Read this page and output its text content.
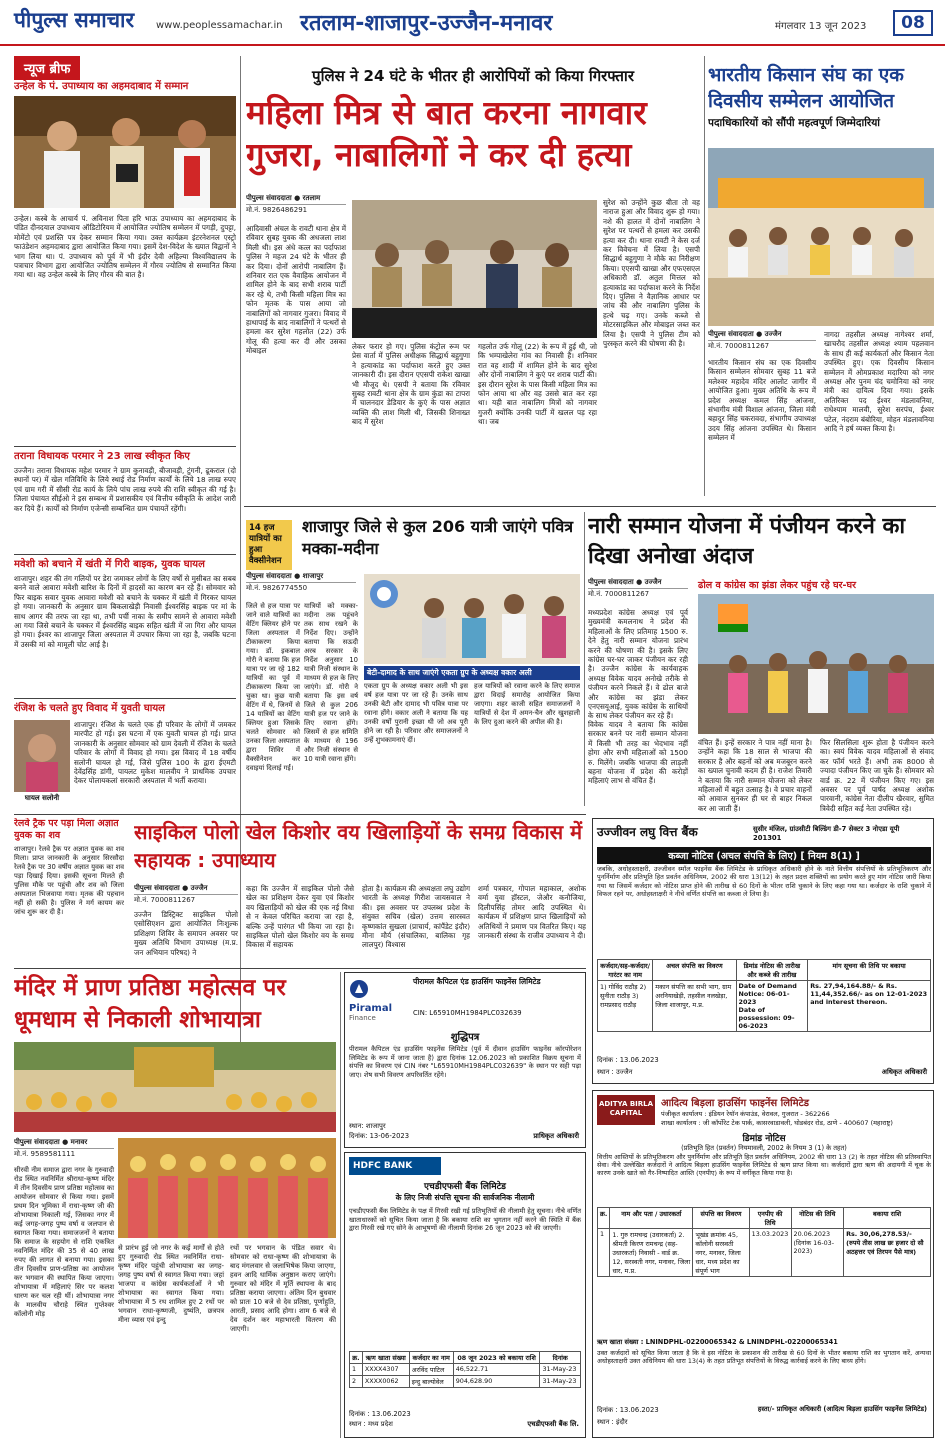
पीपुल्स समाचार www.peoplessamachar.in रतलाम-शाजापुर-उज्जैन-मनावर	मंगलवार 13 जून 2023	08
न्यूज ब्रीफ
उन्हेल के पं. उपाध्याय का अहमदाबाद में सम्मान
उन्हेल। कस्बे के आचार्य पं. अविनाश पिता हरि भाऊ उपाध्याय का अहमदाबाद के पंडित दीनदयाल उपाध्याय ऑडिटोरियम में आयोजित ज्योतिष सम्मेलन में पगड़ी, दुपट्टा, मोमेंटो एवं प्रशस्ति पत्र देकर सम्मान किया गया। उक्त कार्यक्रम इंटरनेशनल एस्ट्रो फाउंडेशन अहमदाबाद द्वारा आयोजित किया गया। इसमें देश-विदेश के ख्यात विद्वानों ने भाग लिया था। पं. उपाध्याय को पूर्व में भी इंदौर देवी अहिल्या विश्वविद्यालय के पत्राचार विभाग द्वारा आयोजित ज्योतिष सम्मेलन में गौरव ज्योतिष से सम्मानित किया गया था। वह उन्हेल कस्बे के लिए गौरव की बात है।
तराना विधायक परमार ने 23 लाख स्वीकृत किए
उज्जैन। तराना विधायक महेश परमार ने ग्राम कुनावड़ी, बीजावड़ी, टुंगनी, ढूकराल (दो स्थानों पर) में खेल गतिविधि के लिये स्थाई रोड निर्माण कार्यों के लिये 18 लाख रुपए एवं ग्राम गरी में सीसी रोड कार्य के लिये पांच लाख रुपये की राशि स्वीकृत की गई है। जिला पंचायत सीईओ ने इस सम्बन्ध में प्रशासकीय एवं वित्तीय स्वीकृति के आदेश जारी कर दिये हैं। कार्यों को निर्माण एजेन्सी सम्बन्धित ग्राम पंचायतें रहेंगी।
मवेशी को बचाने में खंती में गिरी बाइक, युवक घायल
शाजापुर। शहर की तंग गलियों पर डेरा जमाकर लोगों के लिए वर्षों से मुसीबत का सबब बनने वाले आवारा मवेशी बारिश के दिनों में हादसों का कारण बन रहे हैं। सोमवार को फिर बाइक सवार युवक आवारा मवेशी को बचाने के चक्कर में खंती में गिरकर घायल हो गया। जानकारी के अनुसार ग्राम बिकलाखेड़ी निवासी ईश्वरसिंह बाइक पर मां के साथ आगर की तरफ जा रहा था, तभी पर्ची नाका के समीप सामने से आवारा मवेशी आ गया जिसे बचाने के चक्कर में ईश्वरसिंह बाइक सहित खंती में जा गिरा और घायल हो गया। ईश्वर का शाजापुर जिला अस्पताल में उपचार किया जा रहा है, जबकि घटना में उसकी मां को मामूली चोट आई है।
रंजिश के चलते हुए विवाद में युवती घायल
घायल सलोनी
शाजापुर। रंजिश के चलते एक ही परिवार के लोगों में जमकर मारपीट हो गई। इस घटना में एक युवती घायल हो गई। प्राप्त जानकारी के अनुसार सोमवार को ग्राम देवली में रंजिश के चलते परिवार के लोगों में विवाद हो गया। इस विवाद में 18 वर्षीय सलोनी घायल हो गई, जिसे पुलिस 100 के द्वारा ईएमटी देवेंद्रसिंह डांगी, पायलट मुकेश मालवीय ने प्राथमिक उपचार देकर पोलायकलां सरकारी अस्पताल में भर्ती कराया।
रेलवे ट्रैक पर पड़ा मिला अज्ञात युवक का शव
शाजापुर। रेलवे ट्रैक पर अज्ञात युवक का शव मिला। प्राप्त जानकारी के अनुसार सिरसौदा रेलवे ट्रैक पर 30 वर्षीय अज्ञात युवक का शव पड़ा दिखाई दिया। इसकी सूचना मिलते ही पुलिस मौके पर पहुंची और शव को जिला अस्पताल भिजवाया गया। मृतक की पहचान नहीं हो सकी है। पुलिस ने मर्ग कायम कर जांच शुरू कर दी है।
पुलिस ने 24 घंटे के भीतर ही आरोपियों को किया गिरफ्तार
महिला मित्र से बात करना नागवार गुजरा, नाबालिगों ने कर दी हत्या
पीपुल्स संवाददाता ● रतलाम
मो.नं. 9826486291
आदिवासी अंचल के रावटी थाना क्षेत्र में रविवार सुबह युवक की अधजला लाश मिली थी। इस अंधे कत्ल का पर्दाफाश पुलिस ने महज 24 घंटे के भीतर ही कर दिया। दोनों आरोपी नाबालिग हैं। शनिवार रात एक वैवाहिक आयोजन में शामिल होने के बाद सभी शराब पार्टी कर रहे थे, तभी किसी महिला मित्र का फोन मृतक के पास आया जो नाबालिगों को नागवार गुजरा। विवाद में हाथापाई के बाद नाबालिगों ने पत्थरों से हमला कर सुरेश गहलोत (22) उर्फ गोलू की हत्या कर दी और उसका मोबाइल	लेकर फरार हो गए। पुलिस कंट्रोल रूम पर प्रेस वार्ता में पुलिस अधीक्षक सिद्धार्थ बहुगुणा ने हत्याकांड का पर्दाफाश करते हुए उक्त जानकारी दी। इस दौरान एएसपी राकेश खाखा भी मौजूद थे। एसपी ने बताया कि रविवार सुबह रावटी थाना क्षेत्र के ग्राम कुंडा का टापरा में चालनदार डेडियार के कुएं के पास अज्ञात व्यक्ति की लाश मिली थी, जिसकी शिनाख्त बाद में सुरेश
गहलोत उर्फ गोलू (22) के रूप में हुई थी, जो कि भम्पाखेलेरा गांव का निवासी है। शनिवार रात वह शादी में शामिल होने के बाद सुरेश और दोनों नाबालिग ने कुएं पर शराब पार्टी की। इस दौरान सुरेश के पास किसी महिला मित्र का फोन आया था और वह उससे बात कर रहा था। यही बात नाबालिग मित्रों को नागवार गुजरी क्योंकि उनकी पार्टी में खलल पड़ रहा था। जब
सुरेश को उन्होंने कुछ बीता तो वह नाराज हुआ और विवाद शुरू हो गया। नशे की हालत में दोनों नाबालिग ने सुरेश पर पत्थरों से हमला कर उसकी हत्या कर दी। थाना रावटी ने केस दर्ज कर विवेचना में लिया है। एसपी सिद्धार्थ बहुगुणा ने मौके का निरीक्षण किया। एएसपी खाखा और एफएसएल अधिकारी डॉ. अतुल मित्तल को हत्याकांड का पर्दाफाश करने के निर्देश दिए। पुलिस ने वैज्ञानिक आधार पर जांच की और नाबालिग पुलिस के हत्थे चढ़ गए। उनके कब्जे से मोटरसाइकिल और मोबाइल जब्त कर लिया है। एसपी ने पुलिस टीम को पुरस्कृत करने की घोषणा की है।
भारतीय किसान संघ का एक दिवसीय सम्मेलन आयोजित
पदाधिकारियों को सौंपी महत्वपूर्ण जिम्मेदारियां
पीपुल्स संवाददाता ● उज्जैन
मो.नं. 7000811267
भारतीय किसान संघ का एक दिवसीय किसान सम्मेलन सोमवार सुबह 11 बजे मलेश्वर महादेव मंदिर आलोट जागीर में आयोजित हुआ। मुख्य अतिथि के रूप में प्रदेश अध्यक्ष कमल सिंह आंजना, संभागीय मंत्री विशाल आंजना, जिला मंत्री बहादुर सिंह चकरावदा, संभागीय उपाध्यक्ष उदय सिंह आंजना उपस्थित थे। किसान सम्मेलन में
नागदा तहसील अध्यक्ष नागेश्वर शर्मा, खाचरौद तहसील अध्यक्ष श्याम पहलवान के साथ ही कई कार्यकर्ता और किसान नेता उपस्थित हुए। एक दिवसीय किसान सम्मेलन में ओमप्रकाश मदारिया को नगर अध्यक्ष और पुनम चंद चमोनिया को नगर मंत्री का दायित्व दिया गया। इसके अतिरिक्त पद ईश्वर मंडलावनिया, राधेश्याम मालवी, सुरेश सरपंच, ईश्वर पटेल, नंदराम बंबोरिया, मोहन मंडलावनिया आदि ने हर्ष व्यक्त किया है।
14 हज
यात्रियों का
हुआ
वैक्सीनेशन
शाजापुर जिले से कुल 206 यात्री जाएंगे पवित्र मक्का-मदीना
पीपुल्स संवाददाता ● शाजापुर
मो.नं. 9826774550
जिले से हज यात्रा पर जाने वाले यात्रियों का वेटिंग क्लियर होने पर जिला अस्पताल में टीकाकरण किया गया। डॉ. इकबाल गोरी ने बताया कि हज यात्रा पर जा रहे 182 यात्रियों का पूर्व में टीकाकरण किया जा चुका था। कुछ यात्री वेटिंग में थे, जिनमें से 14 यात्रियों का वेटिंग क्लियर हुआ जिसके चलते सोमवार को उनका जिला अस्पताल द्वारा शिविर में वैक्सीनेशन कर दवाइयां दिलाई गईं।
यात्रियों को मक्का-मदीना तक पहुंचने तक साथ रखने के निर्देश दिए। उन्होंने बताया कि सऊदी अरब सरकार के निर्देश अनुसार 10 यात्री निजी संस्थान के माध्यम से हज के लिए जाएंगे। डॉ. गोरी ने बताया कि इस वर्ष जिले से कुल 206 यात्री हज पर जाने के लिए रवाना होंगे। जिसमें से हज समिति के माध्यम से 196 और निजी संस्थान से 10 यात्री रवाना होंगे।
बेटी-दामाद के साथ जाएंगे एकता ग्रुप के अध्यक्ष वकार अली
एकता ग्रुप के अध्यक्ष वकार अली भी इस वर्ष हज यात्रा पर जा रहे हैं। उनके साथ उनकी बेटी और दामाद भी पवित्र यात्रा पर रवाना होंगे। वकार अली ने बताया कि यह उनकी वर्षों पुरानी इच्छा थी जो अब पूरी होने जा रही है। परिवार और समाजजनों ने उन्हें शुभकामनाएं दीं।
हज यात्रियों को रवाना करने के लिए समाज द्वारा विदाई समारोह आयोजित किया जाएगा। शहर काजी सहित समाजजनों ने यात्रियों से देश में अमन-चैन और खुशहाली के लिए दुआ करने की अपील की है।
नारी सम्मान योजना में पंजीयन करने का दिखा अनोखा अंदाज
पीपुल्स संवाददाता ● उज्जैन
मो.नं. 7000811267
ढोल व कांग्रेस का झंडा लेकर पहुंच रहे घर-घर
मध्यप्रदेश कांग्रेस अध्यक्ष एवं पूर्व मुख्यमंत्री कमलनाथ ने प्रदेश की महिलाओं के लिए प्रतिमाह 1500 रु. देने हेतु नारी सम्मान योजना प्रारंभ करने की घोषणा की है। इसके लिए कांग्रेस घर-घर जाकर पंजीयन कर रही है। उज्जैन कांग्रेस के कार्यवाहक अध्यक्ष विवेक यादव अनोखे तरीके से पंजीयन करने निकले हैं। वे ढोल बाजे और कांग्रेस का झंडा लेकर एनएसयूआई, युवक कांग्रेस के साथियों के साथ लेकर पंजीयन कर रहे हैं।
विवेक यादव ने बताया कि कांग्रेस सरकार बनने पर नारी सम्मान योजना में किसी भी तरह का भेदभाव नहीं होगा और सभी महिलाओं को 1500 रु. मिलेंगे। जबकि भाजपा की लाड़ली बहना योजना में प्रदेश की करोड़ों महिलाएं लाभ से वंचित हैं।
वंचित हैं। इन्हें सरकार ने पात्र नहीं माना है। उन्होंने कहा कि 18 साल से भाजपा की सरकार है और बहनों को अब मजबूरन करने का ख्याल चुनावी कदम ही है। राजेश तिवारी ने बताया कि नारी सम्मान योजना को लेकर महिलाओं में बहुत उत्साह है। वे प्रचार वाहनों को आवाज सुनकर ही घर से बाहर निकल कर आ जाती हैं।
फिर सिलसिला शुरू होता है पंजीयन करने का। स्वयं विवेक यादव महिलाओं से संवाद कर फॉर्म भरते हैं। अभी तक 8000 से ज्यादा पंजीयन किए जा चुके हैं। सोमवार को वार्ड क्र. 22 में पंजीयन किए गए। इस अवसर पर पूर्व पार्षद अध्यक्ष अशोक पारवानी, कांग्रेस नेता दीलीप खैरवार, सुमित त्रिवेदी सहित कई नेता उपस्थित रहे।
साइकिल पोलो खेल किशोर वय खिलाड़ियों के समग्र विकास में सहायक : उपाध्याय
पीपुल्स संवाददाता ● उज्जैन
मो.नं. 7000811267
उज्जैन डिस्ट्रिक्ट साइकिल पोलो एसोसिएशन द्वारा आयोजित निःशुल्क प्रशिक्षण शिविर के समापन अवसर पर मुख्य अतिथि विभाग उपाध्यक्ष (म.प्र. जन अभियान परिषद) ने
कहा कि उज्जैन में साइकिल पोलो जैसे खेल का प्रशिक्षण देकर युवा एवं किशोर वय खिलाड़ियों को खेल की एक नई विधा से न केवल परिचित कराया जा रहा है, बल्कि उन्हें पारंगत भी किया जा रहा है। साइकिल पोलो खेल किशोर वय के समग्र विकास में सहायक
होता है। कार्यक्रम की अध्यक्षता लघु उद्योग भारती के अध्यक्ष गिरीश जायसवाल ने की। इस अवसर पर उपलब्ध प्रदेश के संयुक्त सचिव (खेल) उत्तम सारस्वत कृष्णकांत सुखला (प्राचार्य, कांपैंडेट इंदौर) मीना मौर्य (संचालिका, बालिका गृह लालपुर) विश्वास
शर्मा पत्रकार, गोपाल महाकाल, अशोक वर्मा युवा हॉस्टल, जेऔर कनौजिया, दिलीपसिंह तोमर आदि उपस्थित थे। कार्यक्रम में प्रशिक्षण प्राप्त खिलाड़ियों को अतिथियों ने प्रमाण पत्र वितरित किए। यह जानकारी संस्था के राजीव उपाध्याय ने दी।
मंदिर में प्राण प्रतिष्ठा महोत्सव पर धूमधाम से निकाली शोभायात्रा
पीपुल्स संवाददाता ● मनावर
मो.नं. 9589581111
सीरवी नीम समाज द्वारा नगर के गुरुवादी रोड स्थित नवनिर्मित श्रीराधा-कृष्ण मंदिर में तीन दिवसीय प्राण प्रतिष्ठा महोत्सव का आयोजन सोमवार से किया गया। इसमें प्रथम दिन भूमिका में राधा-कृष्ण जी की शोभायात्रा निकाली गई, जिसका नगर में कई जगह-जगह पुष्प वर्षा व जलपान से स्वागत किया गया। समाजजनों ने बताया कि समाज के सहयोग से राशि एकत्रित नवनिर्मित मंदिर की 35 से 40 लाख रुपए की लागत से बनाया गया। इसका तीन दिवसीय प्राण-प्रतिष्ठा का आयोजन कर भगवान की स्थापित किया जाएगा। शोभायात्रा में महिलाएं सिर पर कलश धारण कर चल रही थीं। शोभायात्रा नगर के मालवीय चौराहे स्थित गुप्तेश्वर कॉलोनी मोड़
से प्रारंभ हुई जो नगर के कई मार्गों से होते हुए गुरुवादी रोड स्थित नवनिर्मित राधा-कृष्ण मंदिर पहुंची शोभायात्रा का जगह-जगह पुष्प वर्षा से स्वागत किया गया। जहां भाजपा व कांग्रेस कार्यकर्ताओं ने भी शोभायात्रा का स्वागत किया गया। शोभायात्रा में 5 रथ शामिल हुए 2 रथों पर भगवान राधा-कृष्णजी, दुष्यंति, छत्रपत्र मीना व्यास एवं इन्दु
रथों पर भगवान के पंडित सवार थे। सोमवार को राधा-कृष्ण की शोभायात्रा के बाद मंगलवार से जलाभिषेक किया जाएगा, हवन आदि धार्मिक अनुष्ठान कराए जाएंगे। गुरुवार को मंदिर में मूर्ति स्थापना के बाद प्रतिष्ठा कराया जाएगा। अंतिम दिन बुधवार को प्रातः 10 बजे से देव प्रतिष्ठा, पूर्णाहुति, आरती, प्रसाद आदि होगा। शाम 6 बजे से देव दर्शन कर महाभारती वितरण की जाएगी।
Piramal
Finance
पीरामल कैपिटल एंड हाउसिंग फाइनेंस लिमिटेड
CIN: L65910MH1984PLC032639
शुद्धिपत्र
पीरामल कैपिटल एंड हाउसिंग फाइनेंस लिमिटेड (पूर्व में दीवान हाउसिंग फाइनेंस कॉरपोरेशन लिमिटेड के रूप में जाना जाता है) द्वारा दिनांक 12.06.2023 को प्रकाशित विक्रय सूचना में संपत्ति का विवरण एवं CIN नंबर "L65910MH1984PLC032639" के स्थान पर सही पढ़ा जाए। शेष सभी विवरण अपरिवर्तित रहेंगे।
स्थान: शाजापुर
दिनांक: 13-06-2023	प्राधिकृत अधिकारी
HDFC BANK
एचडीएफसी बैंक लिमिटेड
के लिए निजी संपत्ति सूचना की सार्वजनिक नीलामी
एचडीएफसी बैंक लिमिटेड के पक्ष में गिरवी रखी गई प्रतिभूतियों की नीलामी हेतु सूचना। नीचे वर्णित खाताधारकों को सूचित किया जाता है कि बकाया राशि का भुगतान नहीं करने की स्थिति में बैंक द्वारा गिरवी रखे गए सोने के आभूषणों की नीलामी दिनांक 26 जून 2023 को की जाएगी।
क्र.	ऋण खाता संख्या	कर्जदार का नाम	08 जून 2023 को बकाया राशि	दिनांक
1	XXXX4307	अरविंद पाटिल	46,522.71	31-May-23
2	XXXX0062	इन्दु बाल्योवेल	904,628.90	31-May-23
दिनांक : 13.06.2023
स्थान : मध्य प्रदेश	एचडीएफसी बैंक लि.
उज्जीवन लघु वित्त बैंक	सुसीर मंजिल, ग्रांउसीटी बिल्डिंग डी-7 सेक्टर 3 नोएडा यूपी 201301
कब्जा नोटिस (अचल संपत्ति के लिए) [ नियम 8(1) ]
जबकि, अधोहस्ताक्षरी, उज्जीवन स्मॉल फाइनेंस बैंक लिमिटेड के प्राधिकृत अधिकारी होने के नाते वित्तीय संपत्तियों के प्रतिभूतिकरण और पुनर्निर्माण और प्रतिभूति हित प्रवर्तन अधिनियम, 2002 की धारा 13(12) के तहत प्रदत्त शक्तियों का प्रयोग करते हुए मांग नोटिस जारी किया गया था जिसमें कर्जदार को नोटिस प्राप्त होने की तारीख से 60 दिनों के भीतर राशि चुकाने के लिए कहा गया था। कर्जदार के राशि चुकाने में विफल रहने पर, अधोहस्ताक्षरी ने नीचे वर्णित संपत्ति का कब्जा ले लिया है।
कर्जदार/सह-कर्जदार/गारंटर का नाम	अचल संपत्ति का विवरण	डिमांड नोटिस की तारीख और कब्जे की तारीख	मांग सूचना की तिथि पर बकाया
1) गोविंद राठौड़ 2) सुनीता राठौड़ 3) रामप्रसाद राठौड़	मकान संपत्ति का सभी भाग, ग्राम अरनियाखेड़ी, तहसील नलखेड़ा, जिला शाजापुर, म.प्र.	Date of Demand Notice: 06-01-2023
Date of possession: 09-06-2023	Rs. 27,94,164.88/- & Rs. 11,44,352.66/- as on 12-01-2023 and interest thereon.
दिनांक : 13.06.2023
स्थान : उज्जैन	अधिकृत अधिकारी
ADITYA BIRLA
CAPITAL
आदित्य बिड़ला हाउसिंग फाइनेंस लिमिटेड
पंजीकृत कार्यालय : इंडियन रेयॉन कंपाउंड, वेरावल, गुजरात - 362266
शाखा कार्यालय : जी कॉर्पोरेट टेक पार्क, कासरवाडावली, घोडबंदर रोड, ठाणे - 400607 (महाराष्ट्र)
डिमांड नोटिस
(प्रतिभूति हित (प्रवर्तन) नियमावली, 2002 के नियम 3 (1) के तहत)
वित्तीय आस्तियों के प्रतिभूतिकरण और पुनर्निर्माण और प्रतिभूति हित प्रवर्तन अधिनियम, 2002 की धारा 13 (2) के तहत नोटिस की प्रतिस्थापित सेवा। नीचे उल्लेखित कर्जदारों ने आदित्य बिड़ला हाउसिंग फाइनेंस लिमिटेड से ऋण प्राप्त किया था। कर्जदारों द्वारा ऋण की अदायगी में चूक के कारण उनके खाते को गैर-निष्पादित आस्ति (एनपीए) के रूप में वर्गीकृत किया गया है।
क्र.	नाम और पता / उधारकर्ता	संपत्ति का विवरण	एनपीए की तिथि	नोटिस की तिथि	बकाया राशि
1	1. गुरु रामचन्द्र (उधारकर्ता) 2. श्रीमती किरण रामचन्द्र (सह-उधारकर्ता) निवासी - वार्ड क्र. 12, सरस्वती नगर, मनावर, जिला धार, म.प्र.	भूखंड क्रमांक 45, कॉलोनी सरस्वती नगर, मनावर, जिला धार, मध्य प्रदेश का संपूर्ण भाग	13.03.2023	20.06.2023 (दिनांक 16-03-2023)	Rs. 30,06,278.53/- (रुपये तीस लाख छः हजार दो सौ अठहत्तर एवं तिरपन पैसे मात्र)
ऋण खाता संख्या : LNINDPHL-02200065342 & LNINDPHL-02200065341
उक्त कर्जदारों को सूचित किया जाता है कि वे इस नोटिस के प्रकाशन की तारीख से 60 दिनों के भीतर बकाया राशि का भुगतान करें, अन्यथा अधोहस्ताक्षरी उक्त अधिनियम की धारा 13(4) के तहत प्रतिभूत संपत्तियों के विरुद्ध कार्रवाई करने के लिए बाध्य होंगे।
दिनांक : 13.06.2023
स्थान : इंदौर
हस्ता/- प्राधिकृत अधिकारी (आदित्य बिड़ला हाउसिंग फाइनेंस लिमिटेड)
